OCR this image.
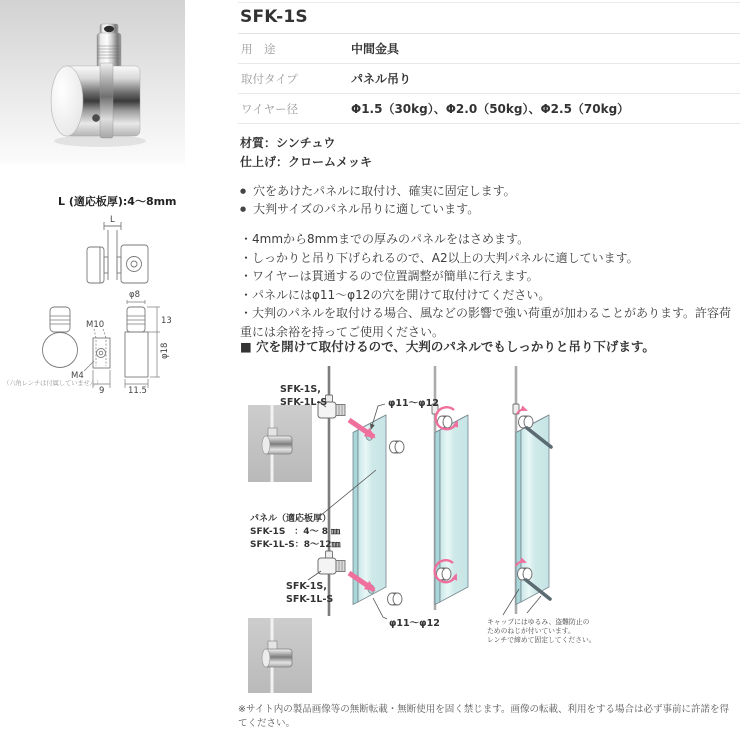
L (適応板厚):4～8mm
L
φ8
13
φ18
M10
M4
9	11.5
（六角レンチは付属していません）
SFK-1S
用　途	中間金具
取付タイプ	パネル吊り
ワイヤー径	Φ1.5（30kg）、Φ2.0（50kg）、Φ2.5（70kg）
材質：シンチュウ
仕上げ：クロームメッキ
● 穴をあけたパネルに取付け、確実に固定します。
● 大判サイズのパネル吊りに適しています。
・4mmから8mmまでの厚みのパネルをはさめます。
・しっかりと吊り下げられるので、A2以上の大判パネルに適しています。
・ワイヤーは貫通するので位置調整が簡単に行えます。
・パネルにはφ11～φ12の穴を開けて取付けてください。
・大判のパネルを取付ける場合、風などの影響で強い荷重が加わることがあります。許容荷重には余裕を持ってご使用ください。
■ 穴を開けて取付けるので、大判のパネルでもしっかりと吊り下げます。
SFK-1S,
SFK-1L-S	φ11～φ12
SFK-1S,
SFK-1L-S
φ11～φ12
パネル（適応板厚）
SFK-1S　：4～ 8 ㎜
SFK-1L-S：8～12㎜
キャップにはゆるみ、盗難防止の
ためのねじが付いています。
レンチで締めて固定してください。
※サイト内の製品画像等の無断転載・無断使用を固く禁じます。画像の転載、利用をする場合は必ず事前に許諾を得てください。
